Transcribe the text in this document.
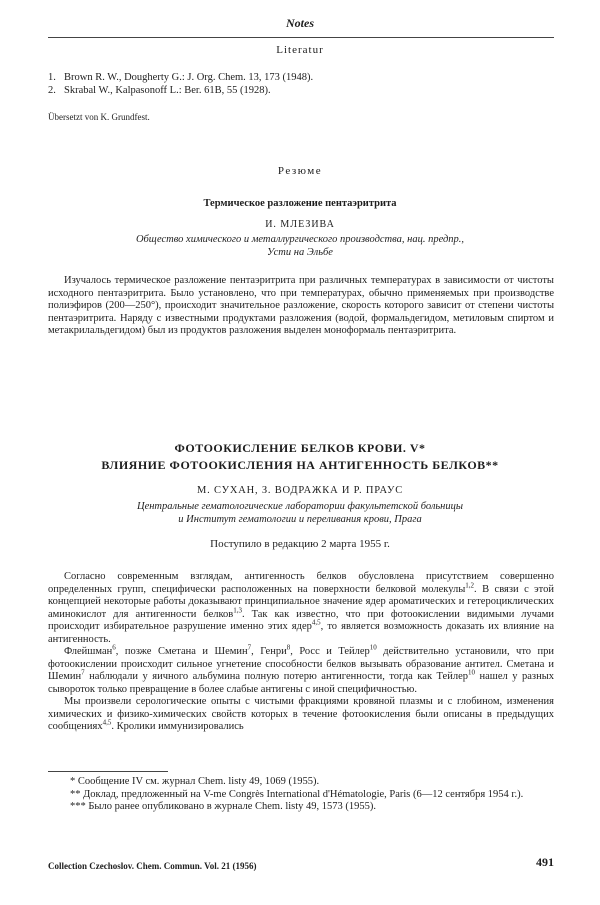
Notes
Literatur
1. Brown R. W., Dougherty G.: J. Org. Chem. 13, 173 (1948).
2. Skrabal W., Kalpasonoff L.: Ber. 61B, 55 (1928).
Übersetzt von K. Grundfest.
Резюме
Термическое разложение пентаэритрита
И. МЛЕЗИВА
Общество химического и металлургического производства, нац. предпр.,
Усти на Эльбе
Изучалось термическое разложение пентаэритрита при различных температурах в зависимости от чистоты исходного пентаэритрита. Было установлено, что при температурах, обычно применяемых при производстве полиэфиров (200—250°), происходит значительное разложение, скорость которого зависит от степени чистоты пентаэритрита. Наряду с известными продуктами разложения (водой, формальдегидом, метиловым спиртом и метакрилальдегидом) был из продуктов разложения выделен моноформаль пентаэритрита.
ФОТООКИСЛЕНИЕ БЕЛКОВ КРОВИ. V*
ВЛИЯНИЕ ФОТООКИСЛЕНИЯ НА АНТИГЕННОСТЬ БЕЛКОВ**
М. СУХАН, З. ВОДРАЖКА И Р. ПРАУС
Центральные гематологические лаборатории факультетской больницы
и Институт гематологии и переливания крови, Прага
Поступило в редакцию 2 марта 1955 г.

Согласно современным взглядам, антигенность белков обусловлена присутствием совершенно определенных групп, специфически расположенных на поверхности белковой молекулы$^{1,2}$. В связи с этой концепцией некоторые работы доказывают принципиальное значение ядер ароматических и гетероциклических аминокислот для антигенности белков$^{1,3}$. Так как известно, что при фотоокислении видимыми лучами происходит избирательное разрушение именно этих ядер$^{4,5}$, то является возможность доказать их влияние на антигенность.

Флейшман$^6$, позже Сметана и Шемин$^7$, Генри$^8$, Росс и Тейлер$^{10}$ действительно установили, что при фотоокислении происходит сильное угнетение способности белков вызывать образование антител. Сметана и Шемин$^7$ наблюдали у яичного альбумина полную потерю антигенности, тогда как Тейлер$^{10}$ нашел у разных сывороток только превращение в более слабые антигены с иной специфичностью.

Мы произвели серологические опыты с чистыми фракциями кровяной плазмы и с глобином, изменения химических и физико-химических свойств которых в течение фотоокисления были описаны в предыдущих сообщениях$^{4,5}$. Кролики иммунизировались

* Сообщение IV см. журнал Chem. listy 49, 1069 (1955).

** Доклад, предложенный на V-me Congrès International d'Hématologie, Paris (6—12 сентября 1954 г.).

*** Было ранее опубликовано в журнале Chem. listy 49, 1573 (1955).

Collection Czechoslov. Chem. Commun. Vol. 21 (1956)	491
